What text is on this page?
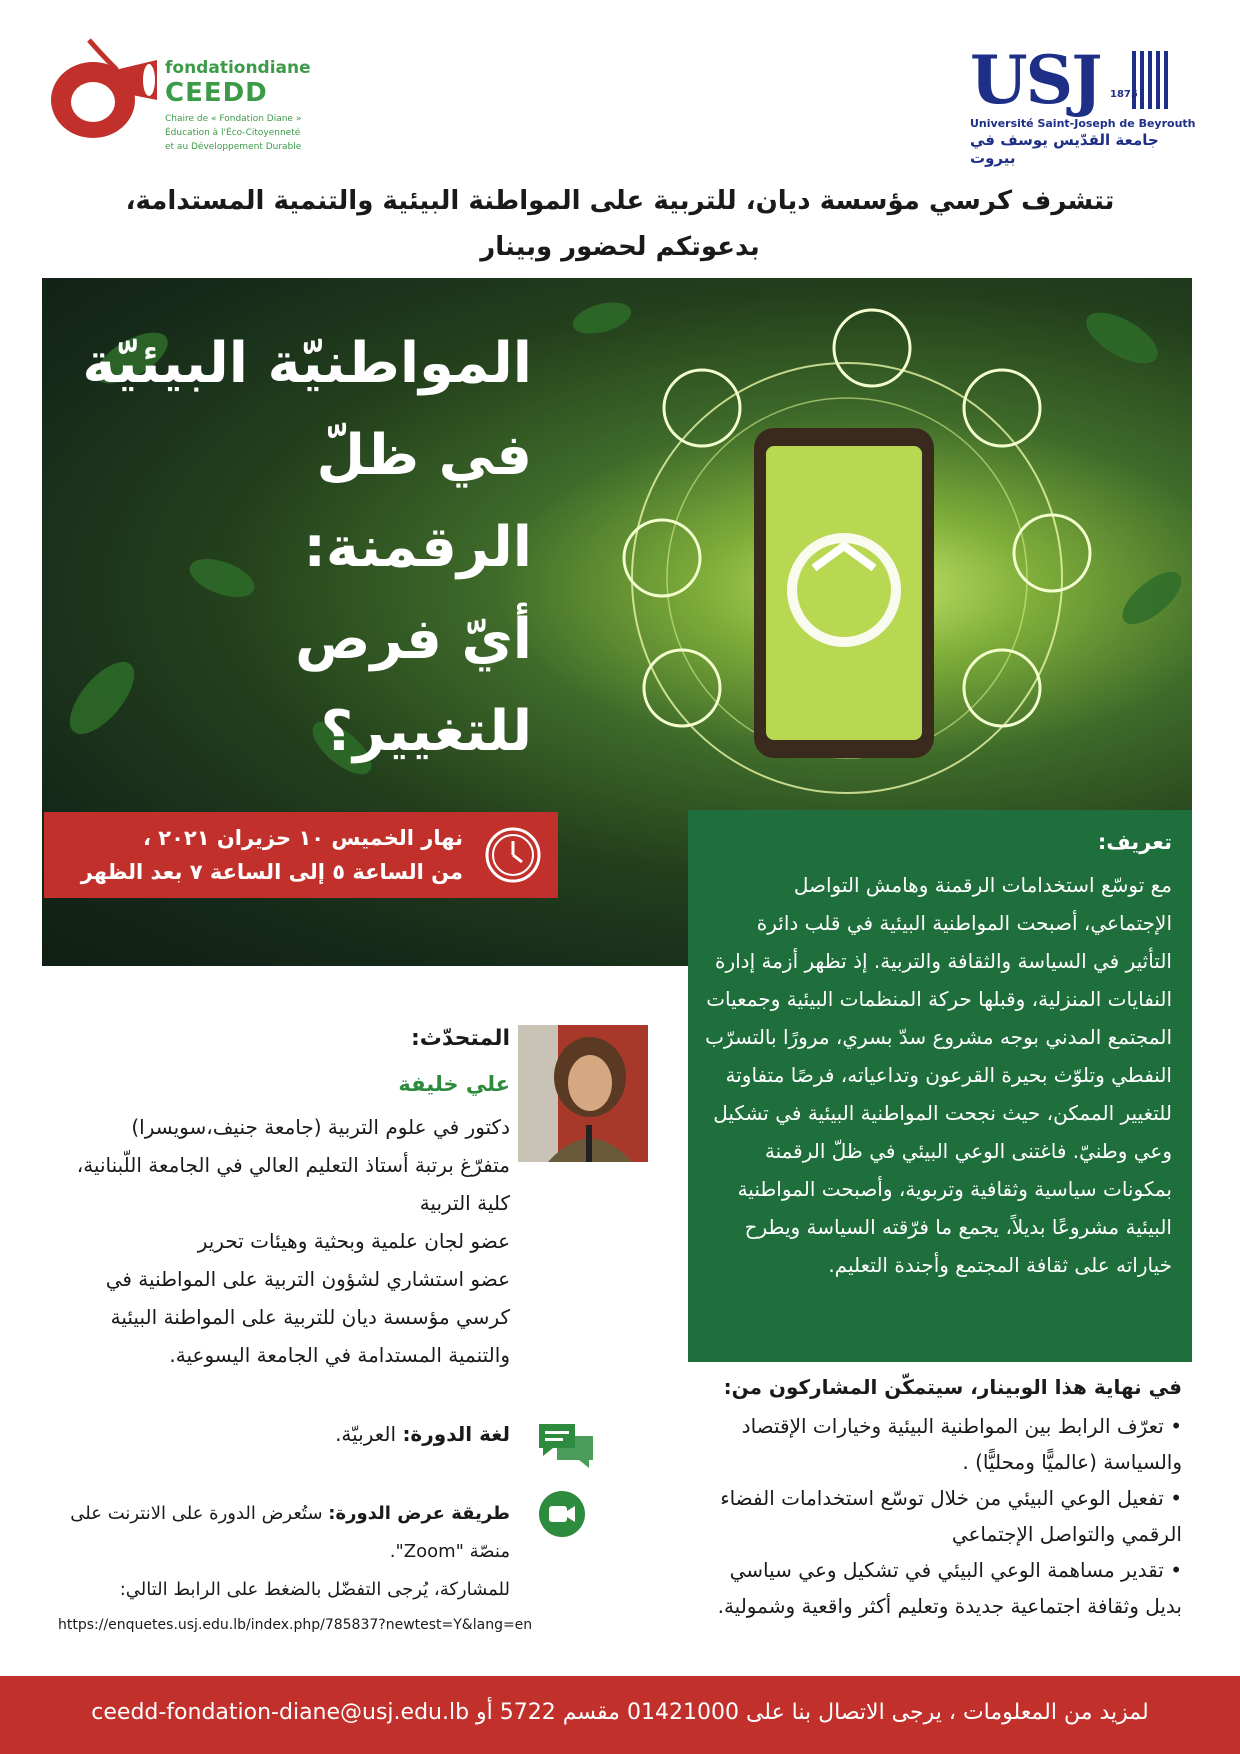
fondationdiane
CEEDD
Chaire de « Fondation Diane »
Éducation à l'Éco-Citoyenneté
et au Développement Durable
USJ 1875
Université Saint-Joseph de Beyrouth
جامعة القدّيس يوسف في بيروت
تتشرف كرسي مؤسسة ديان، للتربية على المواطنة البيئية والتنمية المستدامة،
بدعوتكم لحضور وبينار
المواطنيّة البيئيّة
في ظلّ الرقمنة:
أيّ فرص للتغيير؟
نهار الخميس ١٠ حزيران ٢٠٢١ ،
من الساعة ٥ إلى الساعة ٧ بعد الظهر
تعريف:
مع توسّع استخدامات الرقمنة وهامش التواصل الإجتماعي، أصبحت المواطنية البيئية في قلب دائرة التأثير في السياسة والثقافة والتربية. إذ تظهر أزمة إدارة النفايات المنزلية، وقبلها حركة المنظمات البيئية وجمعيات المجتمع المدني بوجه مشروع سدّ بسري، مرورًا بالتسرّب النفطي وتلوّث بحيرة القرعون وتداعياته، فرصًا متفاوتة للتغيير الممكن، حيث نجحت المواطنية البيئية في تشكيل وعي وطنيّ. فاغتنى الوعي البيئي في ظلّ الرقمنة بمكونات سياسية وثقافية وتربوية، وأصبحت المواطنية البيئية مشروعًا بديلاً، يجمع ما فرّقته السياسة ويطرح خياراته على ثقافة المجتمع وأجندة التعليم.
المتحدّث:
علي خليفة
دكتور في علوم التربية (جامعة جنيف،سويسرا)
متفرّغ برتبة أستاذ التعليم العالي في الجامعة اللّبنانية، كلية التربية
عضو لجان علمية وبحثية وهيئات تحرير
عضو استشاري لشؤون التربية على المواطنية في كرسي مؤسسة ديان للتربية على المواطنة البيئية والتنمية المستدامة في الجامعة اليسوعية.
لغة الدورة: العربيّة.
طريقة عرض الدورة: ستُعرض الدورة على الانترنت على منصّة "Zoom".
للمشاركة، يُرجى التفضّل بالضغط على الرابط التالي:
https://enquetes.usj.edu.lb/index.php/785837?newtest=Y&lang=en
في نهاية هذا الوبينار، سيتمكّن المشاركون من:
• تعرّف الرابط بين المواطنية البيئية وخيارات الإقتصاد والسياسة (عالميًّا ومحليًّا) .
• تفعيل الوعي البيئي من خلال توسّع استخدامات الفضاء الرقمي والتواصل الإجتماعي
• تقدير مساهمة الوعي البيئي في تشكيل وعي سياسي بديل وثقافة اجتماعية جديدة وتعليم أكثر واقعية وشمولية.
لمزيد من المعلومات ، يرجى الاتصال بنا على 01421000 مقسم 5722 أو ceedd-fondation-diane@usj.edu.lb
